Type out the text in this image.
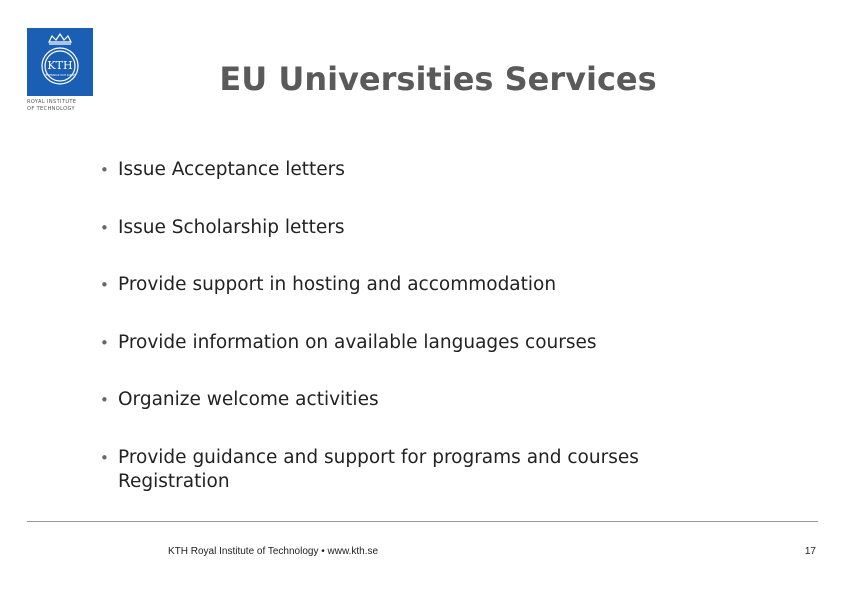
KTH
VETENSKAP OCH KONST
ROYAL INSTITUTE
OF TECHNOLOGY
EU Universities Services
• Issue Acceptance letters
• Issue Scholarship letters
• Provide support in hosting and accommodation
• Provide information on available languages courses
• Organize welcome activities
• Provide guidance and support for programs and courses
Registration
KTH Royal Institute of Technology • www.kth.se	17
